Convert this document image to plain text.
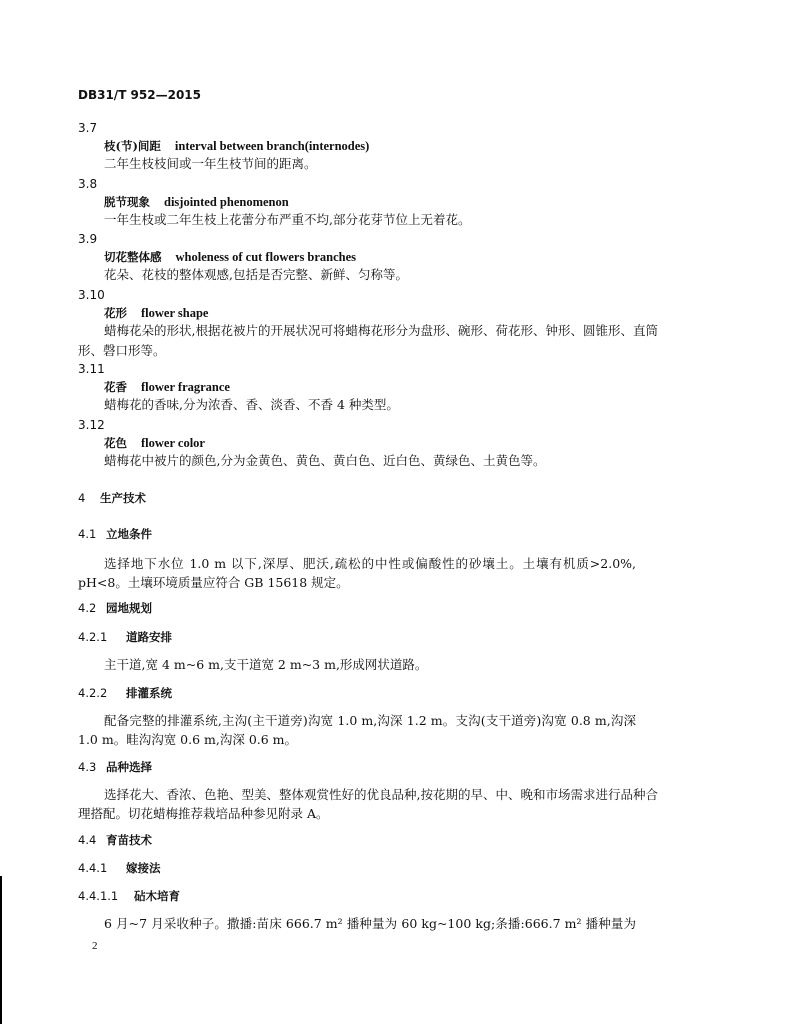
DB31/T 952—2015
3.7
枝(节)间距 interval between branch(internodes)
二年生枝枝间或一年生枝节间的距离。
3.8
脱节现象 disjointed phenomenon
一年生枝或二年生枝上花蕾分布严重不均,部分花芽节位上无着花。
3.9
切花整体感 wholeness of cut flowers branches
花朵、花枝的整体观感,包括是否完整、新鲜、匀称等。
3.10
花形 flower shape
蜡梅花朵的形状,根据花被片的开展状况可将蜡梅花形分为盘形、碗形、荷花形、钟形、圆锥形、直筒
形、磬口形等。
3.11
花香 flower fragrance
蜡梅花的香味,分为浓香、香、淡香、不香 4 种类型。
3.12
花色 flower color
蜡梅花中被片的颜色,分为金黄色、黄色、黄白色、近白色、黄绿色、土黄色等。
4 生产技术
4.1 立地条件
选择地下水位 1.0 m 以下,深厚、肥沃,疏松的中性或偏酸性的砂壤土。土壤有机质>2.0%,
pH<8。土壤环境质量应符合 GB 15618 规定。
4.2 园地规划
4.2.1 道路安排
主干道,宽 4 m~6 m,支干道宽 2 m~3 m,形成网状道路。
4.2.2 排灌系统
配备完整的排灌系统,主沟(主干道旁)沟宽 1.0 m,沟深 1.2 m。支沟(支干道旁)沟宽 0.8 m,沟深
1.0 m。畦沟沟宽 0.6 m,沟深 0.6 m。
4.3 品种选择
选择花大、香浓、色艳、型美、整体观赏性好的优良品种,按花期的早、中、晚和市场需求进行品种合
理搭配。切花蜡梅推荐栽培品种参见附录 A。
4.4 育苗技术
4.4.1 嫁接法
4.4.1.1 砧木培育
6 月~7 月采收种子。撒播:苗床 666.7 m² 播种量为 60 kg~100 kg;条播:666.7 m² 播种量为
2
